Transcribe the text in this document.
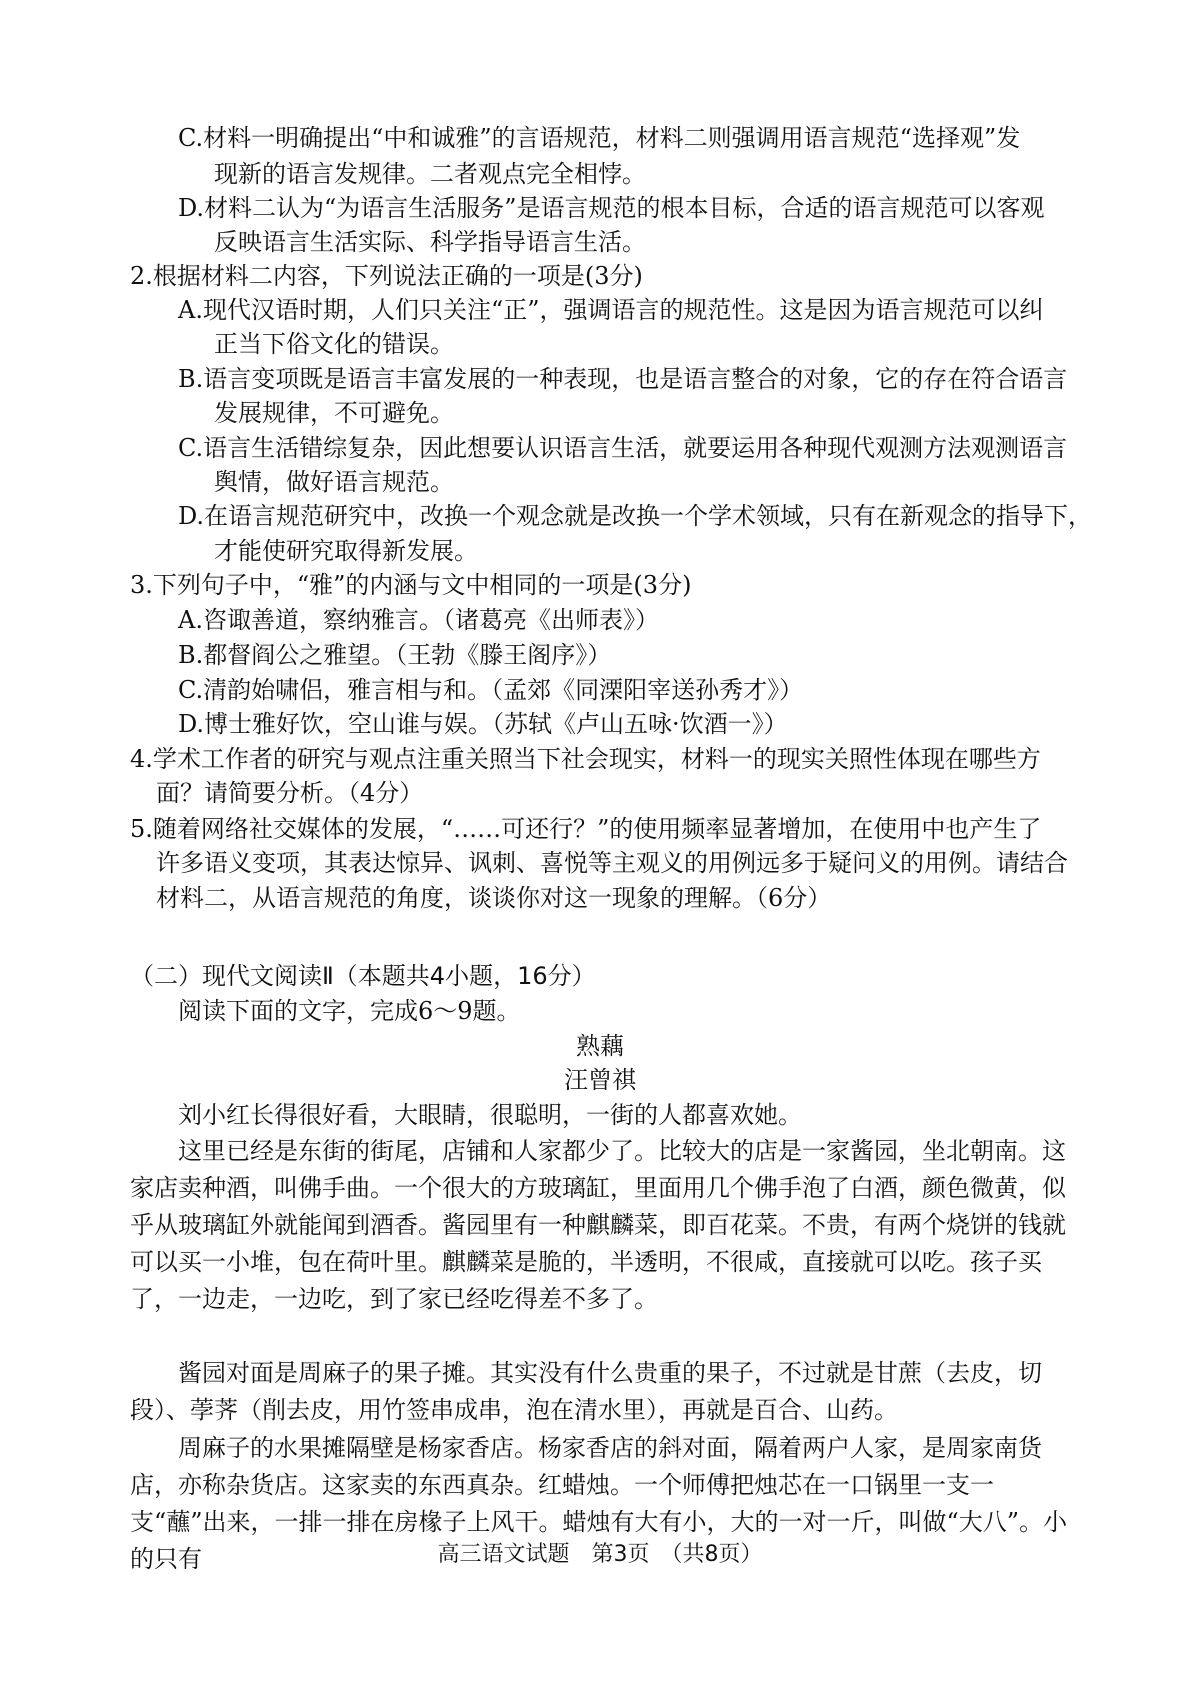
C.材料一明确提出“中和诚雅”的言语规范，材料二则强调用语言规范“选择观”发
现新的语言发规律。二者观点完全相悖。
D.材料二认为“为语言生活服务”是语言规范的根本目标，合适的语言规范可以客观
反映语言生活实际、科学指导语言生活。
2.根据材料二内容，下列说法正确的一项是(3分)
A.现代汉语时期，人们只关注“正”，强调语言的规范性。这是因为语言规范可以纠
正当下俗文化的错误。
B.语言变项既是语言丰富发展的一种表现，也是语言整合的对象，它的存在符合语言
发展规律，不可避免。
C.语言生活错综复杂，因此想要认识语言生活，就要运用各种现代观测方法观测语言
舆情，做好语言规范。
D.在语言规范研究中，改换一个观念就是改换一个学术领域，只有在新观念的指导下，
才能使研究取得新发展。
3.下列句子中，“雅”的内涵与文中相同的一项是(3分)
A.咨诹善道，察纳雅言。（诸葛亮《出师表》）
B.都督阎公之雅望。（王勃《滕王阁序》）
C.清韵始啸侣，雅言相与和。（孟郊《同溧阳宰送孙秀才》）
D.博士雅好饮，空山谁与娱。（苏轼《卢山五咏·饮酒一》）
4.学术工作者的研究与观点注重关照当下社会现实，材料一的现实关照性体现在哪些方
面？请简要分析。（4分）
5.随着网络社交媒体的发展，“……可还行？”的使用频率显著增加，在使用中也产生了
许多语义变项，其表达惊异、讽刺、喜悦等主观义的用例远多于疑问义的用例。请结合
材料二，从语言规范的角度，谈谈你对这一现象的理解。（6分）
（二）现代文阅读Ⅱ（本题共4小题，16分）
阅读下面的文字，完成6～9题。
熟藕
汪曾祺
刘小红长得很好看，大眼睛，很聪明，一街的人都喜欢她。
这里已经是东街的街尾，店铺和人家都少了。比较大的店是一家酱园，坐北朝南。这家店卖种酒，叫佛手曲。一个很大的方玻璃缸，里面用几个佛手泡了白酒，颜色微黄，似乎从玻璃缸外就能闻到酒香。酱园里有一种麒麟菜，即百花菜。不贵，有两个烧饼的钱就可以买一小堆，包在荷叶里。麒麟菜是脆的，半透明，不很咸，直接就可以吃。孩子买了，一边走，一边吃，到了家已经吃得差不多了。
酱园对面是周麻子的果子摊。其实没有什么贵重的果子，不过就是甘蔗（去皮，切段）、荸荠（削去皮，用竹签串成串，泡在清水里），再就是百合、山药。
周麻子的水果摊隔壁是杨家香店。杨家香店的斜对面，隔着两户人家，是周家南货店，亦称杂货店。这家卖的东西真杂。红蜡烛。一个师傅把烛芯在一口锅里一支一支“蘸”出来，一排一排在房椽子上风干。蜡烛有大有小，大的一对一斤，叫做“大八”。小的只有	高三语文试题　第3页　（共8页）
